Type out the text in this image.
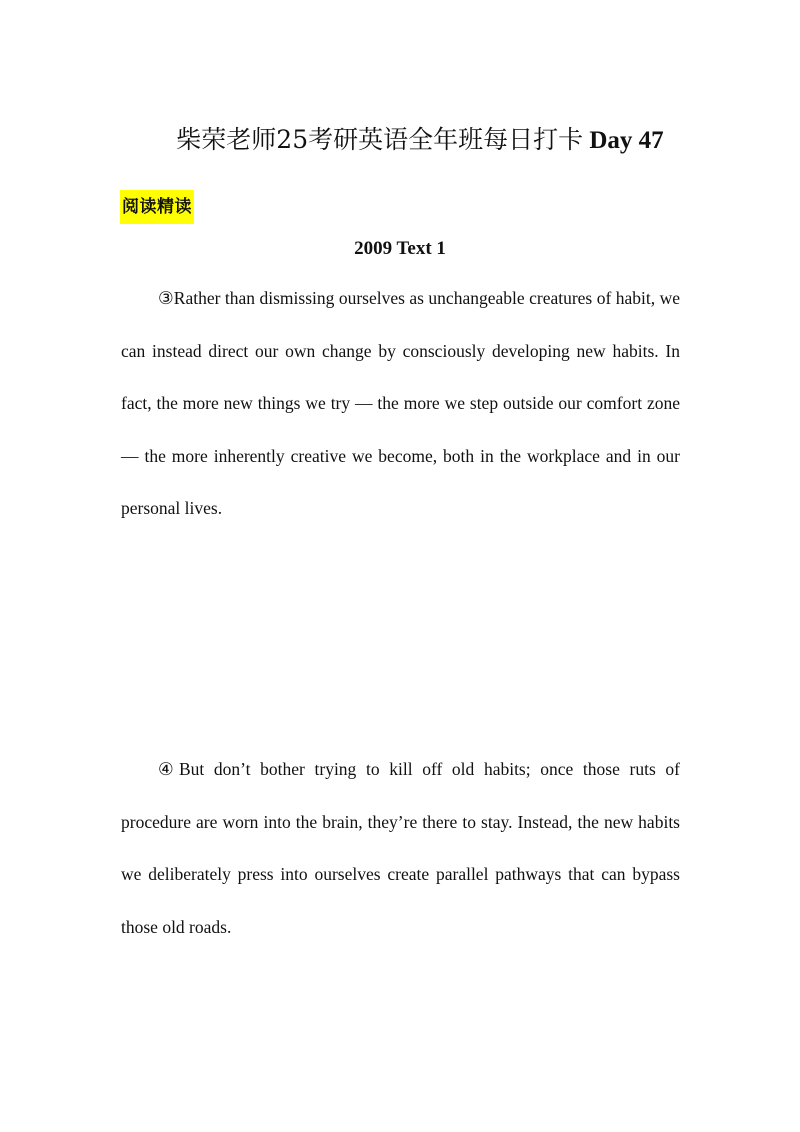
柴荣老师25考研英语全年班每日打卡 Day 47
阅读精读
2009 Text 1

③Rather than dismissing ourselves as unchangeable creatures of habit, we can instead direct our own change by consciously developing new habits. In fact, the more new things we try — the more we step outside our comfort zone — the more inherently creative we become, both in the workplace and in our personal lives.

④But don’t bother trying to kill off old habits; once those ruts of procedure are worn into the brain, they’re there to stay. Instead, the new habits we deliberately press into ourselves create parallel pathways that can bypass those old roads.
